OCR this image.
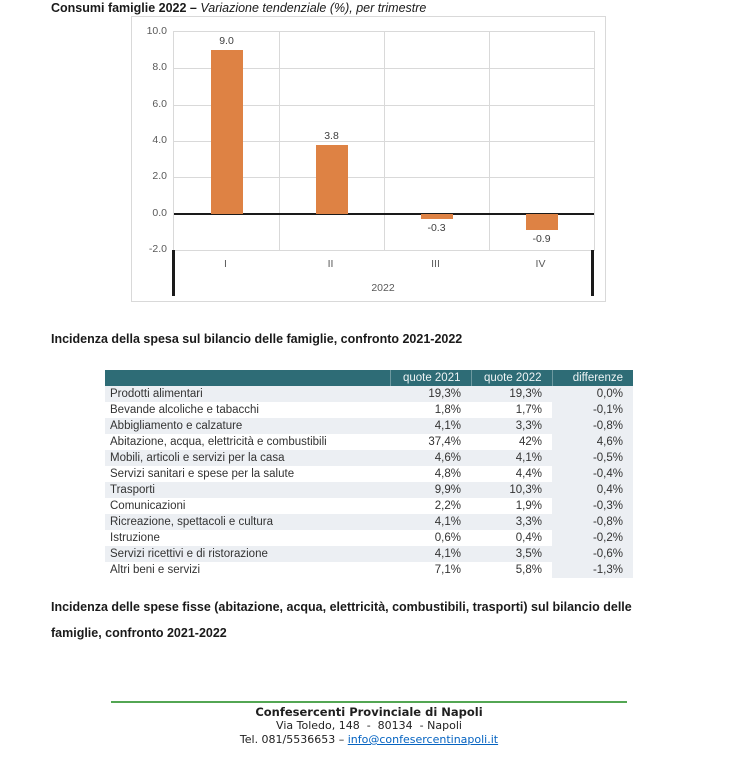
Consumi famiglie 2022 – Variazione tendenziale (%), per trimestre
10.0
8.0
6.0
4.0
2.0
0.0
-2.0
9.0
3.8
-0.3
-0.9
I	II	III	IV
2022
Incidenza della spesa sul bilancio delle famiglie, confronto 2021-2022
	quote 2021	quote 2022	differenze
Prodotti alimentari	19,3%	19,3%	0,0%
Bevande alcoliche e tabacchi	1,8%	1,7%	-0,1%
Abbigliamento e calzature	4,1%	3,3%	-0,8%
Abitazione, acqua, elettricità e combustibili	37,4%	42%	4,6%
Mobili, articoli e servizi per la casa	4,6%	4,1%	-0,5%
Servizi sanitari e spese per la salute	4,8%	4,4%	-0,4%
Trasporti	9,9%	10,3%	0,4%
Comunicazioni	2,2%	1,9%	-0,3%
Ricreazione, spettacoli e cultura	4,1%	3,3%	-0,8%
Istruzione	0,6%	0,4%	-0,2%
Servizi ricettivi e di ristorazione	4,1%	3,5%	-0,6%
Altri beni e servizi	7,1%	5,8%	-1,3%
Incidenza delle spese fisse (abitazione, acqua, elettricità, combustibili, trasporti) sul bilancio delle
famiglie, confronto 2021-2022
Confesercenti Provinciale di Napoli
Via Toledo, 148  -  80134  - Napoli
Tel. 081/5536653 – info@confesercentinapoli.it
